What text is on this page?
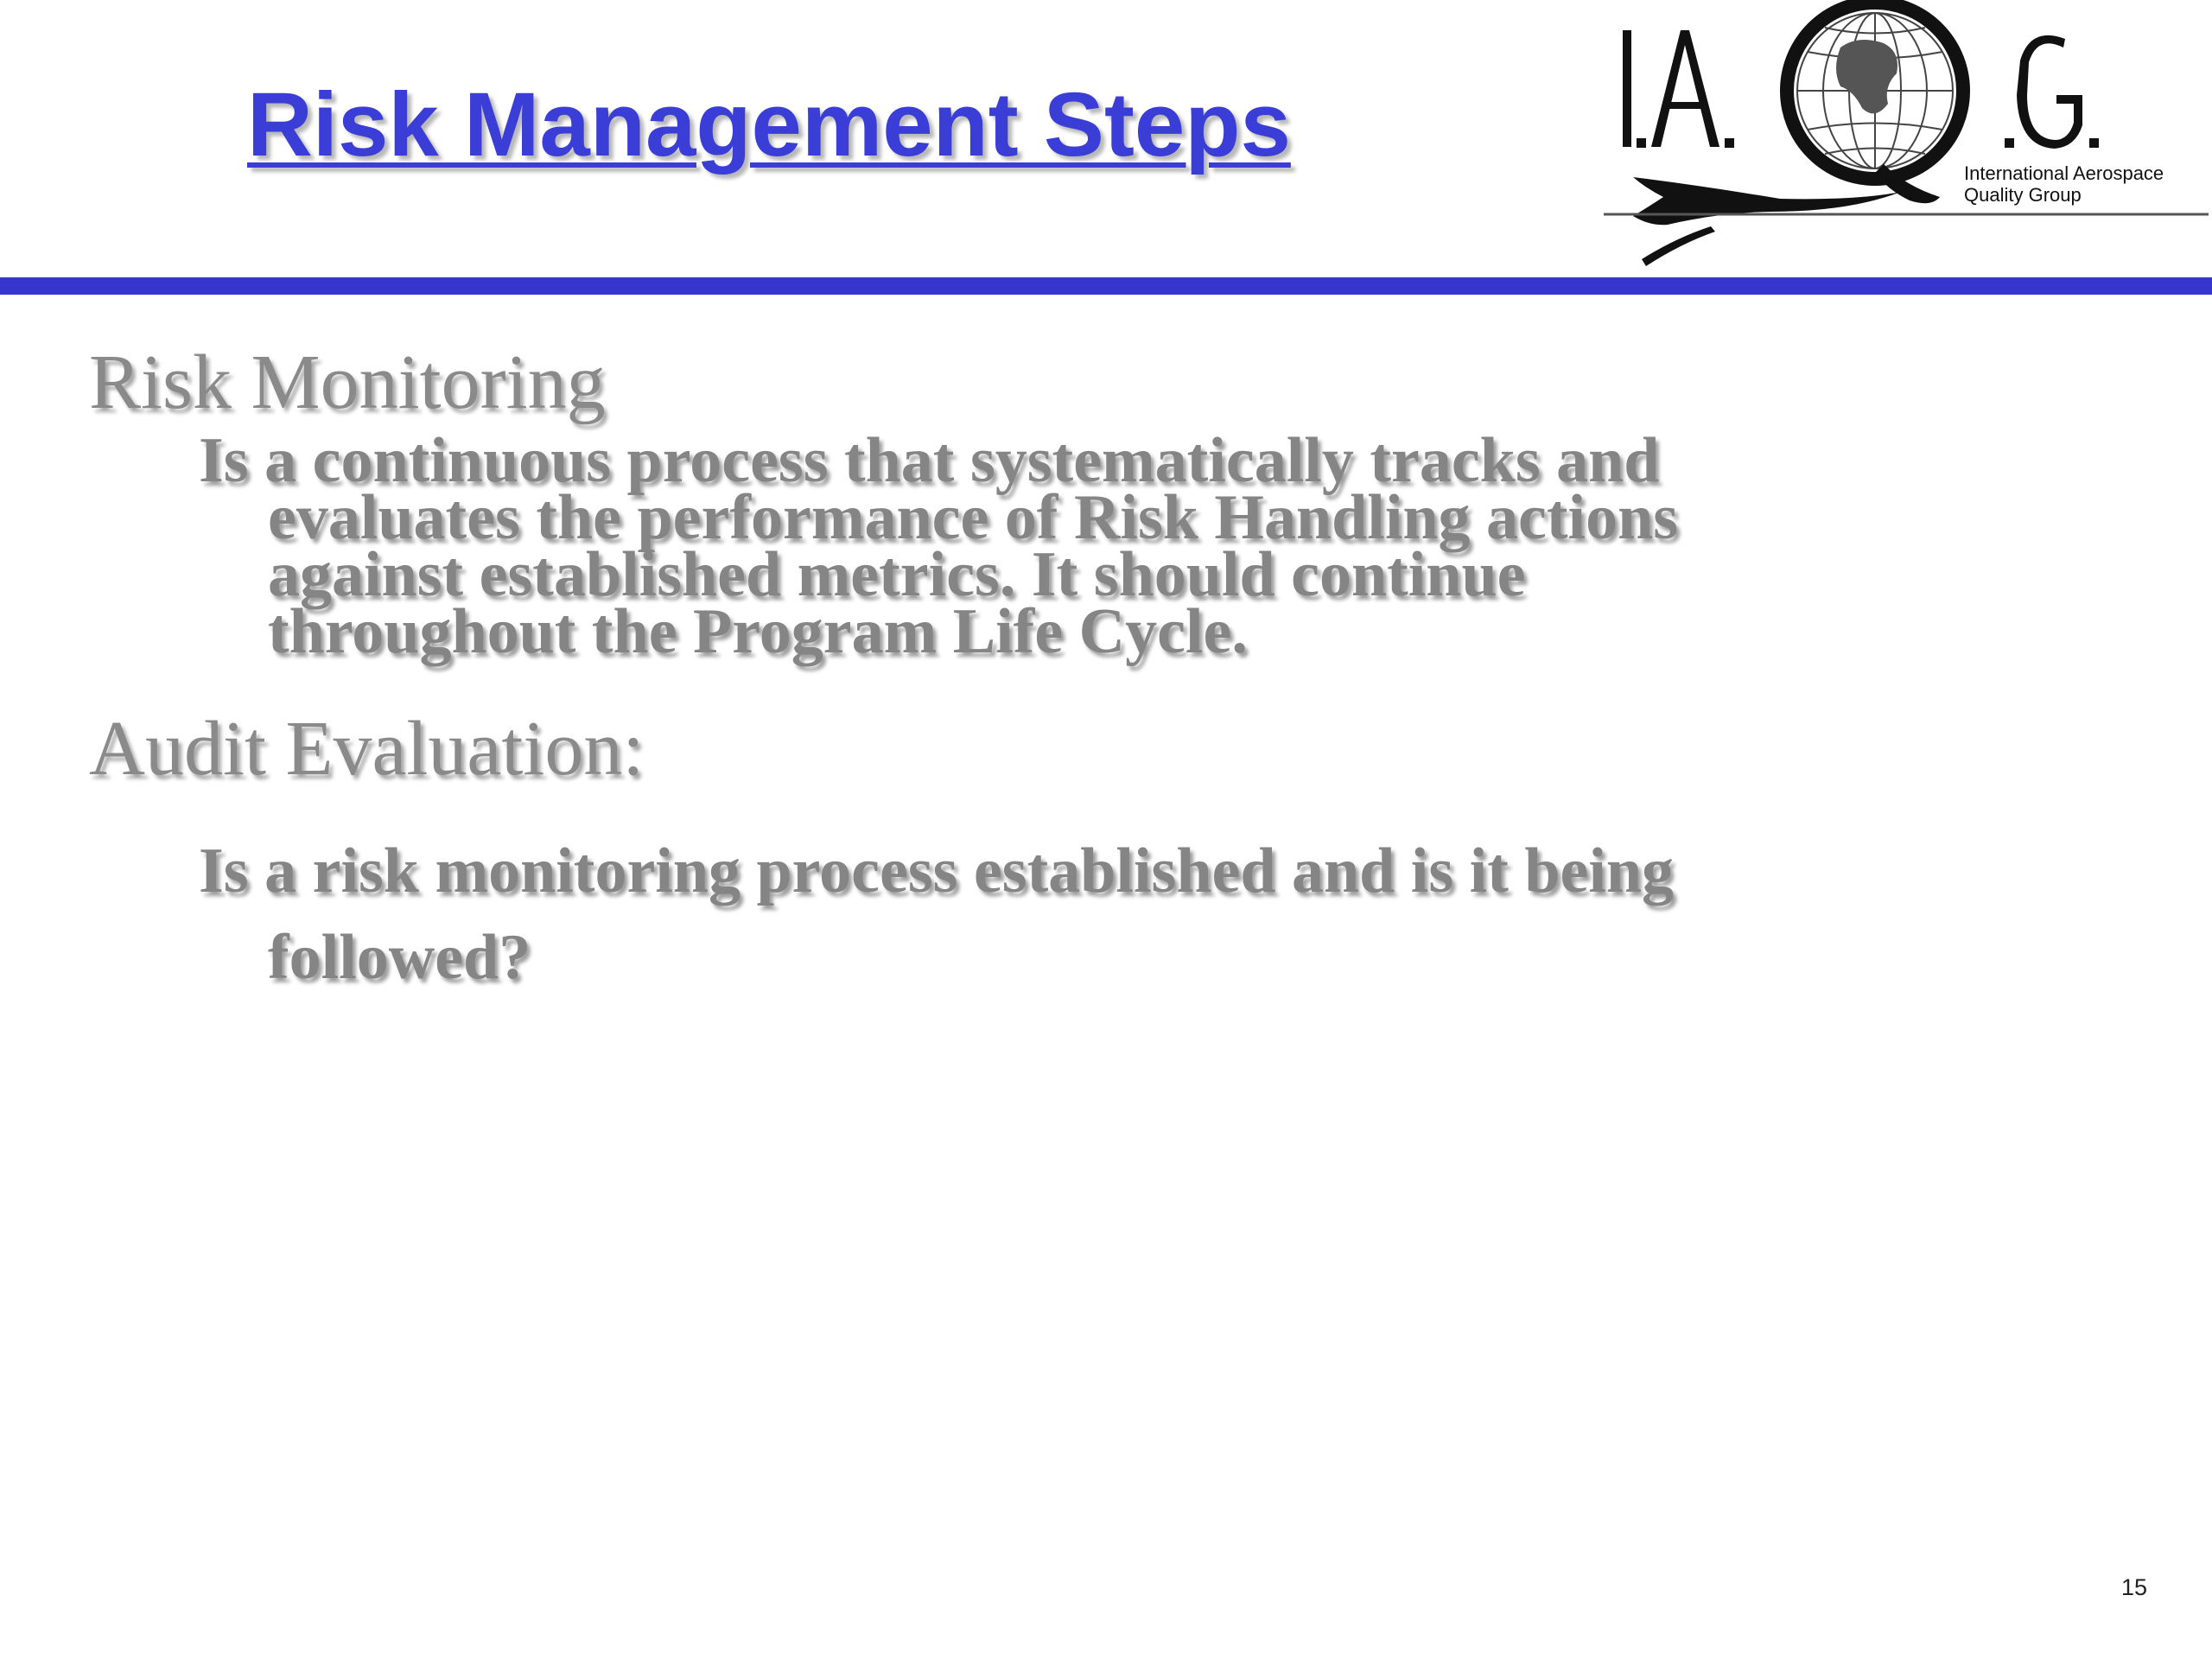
Risk Management Steps	International Aerospace
Quality Group
Risk Monitoring
Is a continuous process that systematically tracks and
evaluates the performance of Risk Handling actions
against established metrics. It should continue
throughout the Program Life Cycle.
Audit Evaluation:
Is a risk monitoring process established and is it being
followed?
15
